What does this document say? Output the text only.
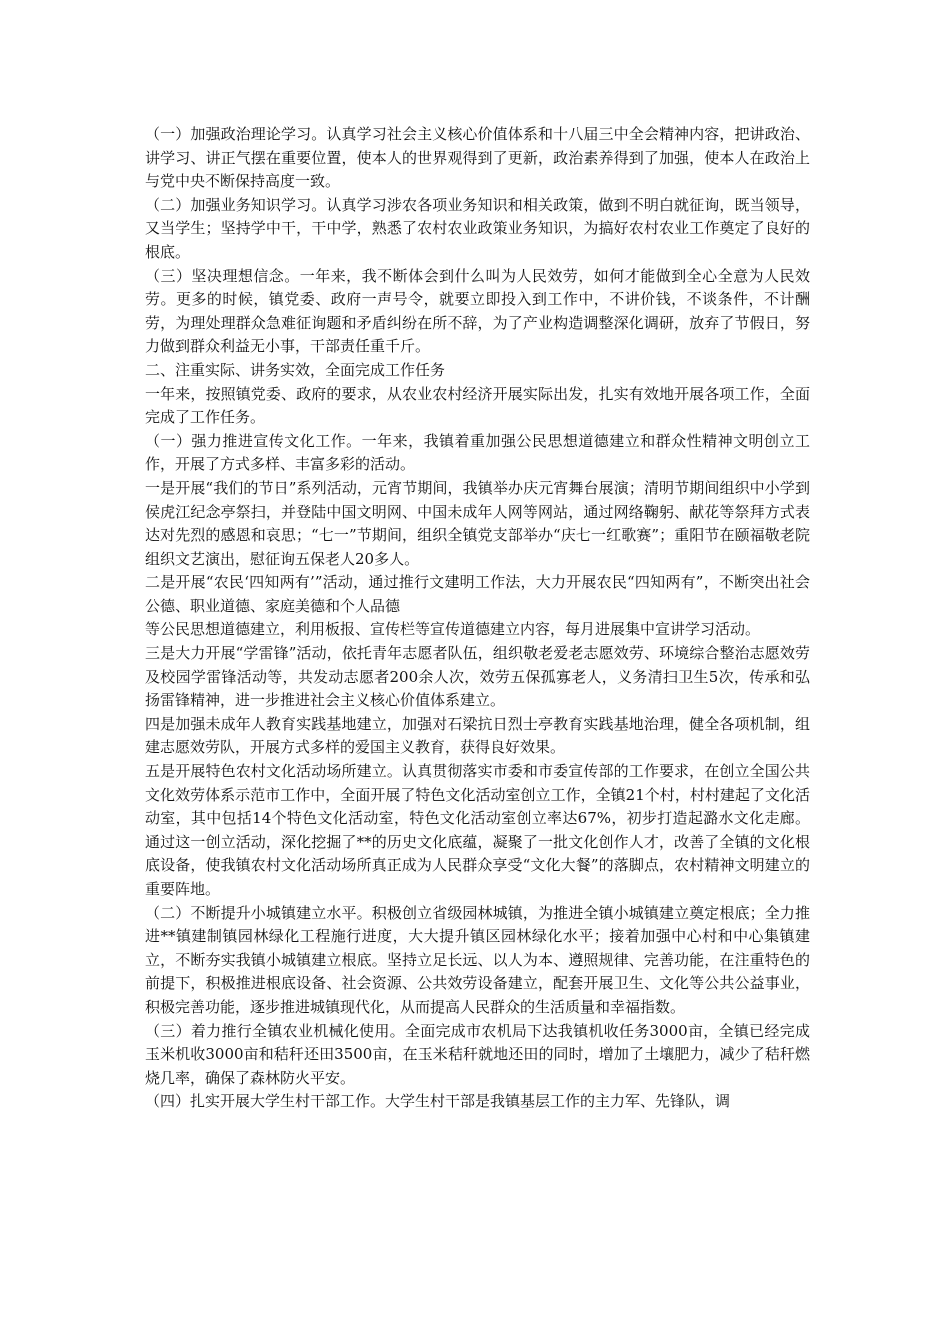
（一）加强政治理论学习。认真学习社会主义核心价值体系和十八届三中全会精神内容，把讲政治、讲学习、讲正气摆在重要位置，使本人的世界观得到了更新，政治素养得到了加强，使本人在政治上与党中央不断保持高度一致。

（二）加强业务知识学习。认真学习涉农各项业务知识和相关政策，做到不明白就征询，既当领导，又当学生；坚持学中干，干中学，熟悉了农村农业政策业务知识，为搞好农村农业工作奠定了良好的根底。

（三）坚决理想信念。一年来，我不断体会到什么叫为人民效劳，如何才能做到全心全意为人民效劳。更多的时候，镇党委、政府一声号令，就要立即投入到工作中，不讲价钱，不谈条件，不计酬劳，为理处理群众急难征询题和矛盾纠纷在所不辞，为了产业构造调整深化调研，放弃了节假日，努力做到群众利益无小事，干部责任重千斤。

二、注重实际、讲务实效，全面完成工作任务

一年来，按照镇党委、政府的要求，从农业农村经济开展实际出发，扎实有效地开展各项工作，全面完成了工作任务。

（一）强力推进宣传文化工作。一年来，我镇着重加强公民思想道德建立和群众性精神文明创立工作，开展了方式多样、丰富多彩的活动。

一是开展“我们的节日”系列活动，元宵节期间，我镇举办庆元宵舞台展演；清明节期间组织中小学到侯虎江纪念亭祭扫，并登陆中国文明网、中国未成年人网等网站，通过网络鞠躬、献花等祭拜方式表达对先烈的感恩和哀思；“七一”节期间，组织全镇党支部举办“庆七一红歌赛”；重阳节在颐福敬老院组织文艺演出，慰征询五保老人20多人。

二是开展“农民‘四知两有’”活动，通过推行文建明工作法，大力开展农民“四知两有”，不断突出社会公德、职业道德、家庭美德和个人品德

等公民思想道德建立，利用板报、宣传栏等宣传道德建立内容，每月进展集中宣讲学习活动。

三是大力开展“学雷锋”活动，依托青年志愿者队伍，组织敬老爱老志愿效劳、环境综合整治志愿效劳及校园学雷锋活动等，共发动志愿者200余人次，效劳五保孤寡老人，义务清扫卫生5次，传承和弘扬雷锋精神，进一步推进社会主义核心价值体系建立。

四是加强未成年人教育实践基地建立，加强对石梁抗日烈士亭教育实践基地治理，健全各项机制，组建志愿效劳队，开展方式多样的爱国主义教育，获得良好效果。

五是开展特色农村文化活动场所建立。认真贯彻落实市委和市委宣传部的工作要求，在创立全国公共文化效劳体系示范市工作中，全面开展了特色文化活动室创立工作，全镇21个村，村村建起了文化活动室，其中包括14个特色文化活动室，特色文化活动室创立率达67%，初步打造起潞水文化走廊。通过这一创立活动，深化挖掘了**的历史文化底蕴，凝聚了一批文化创作人才，改善了全镇的文化根底设备，使我镇农村文化活动场所真正成为人民群众享受“文化大餐”的落脚点，农村精神文明建立的重要阵地。

（二）不断提升小城镇建立水平。积极创立省级园林城镇，为推进全镇小城镇建立奠定根底；全力推进**镇建制镇园林绿化工程施行进度，大大提升镇区园林绿化水平；接着加强中心村和中心集镇建立，不断夯实我镇小城镇建立根底。坚持立足长远、以人为本、遵照规律、完善功能，在注重特色的前提下，积极推进根底设备、社会资源、公共效劳设备建立，配套开展卫生、文化等公共公益事业，积极完善功能，逐步推进城镇现代化，从而提高人民群众的生活质量和幸福指数。

（三）着力推行全镇农业机械化使用。全面完成市农机局下达我镇机收任务3000亩，全镇已经完成玉米机收3000亩和秸秆还田3500亩，在玉米秸秆就地还田的同时，增加了土壤肥力，减少了秸秆燃烧几率，确保了森林防火平安。

（四）扎实开展大学生村干部工作。大学生村干部是我镇基层工作的主力军、先锋队，调
